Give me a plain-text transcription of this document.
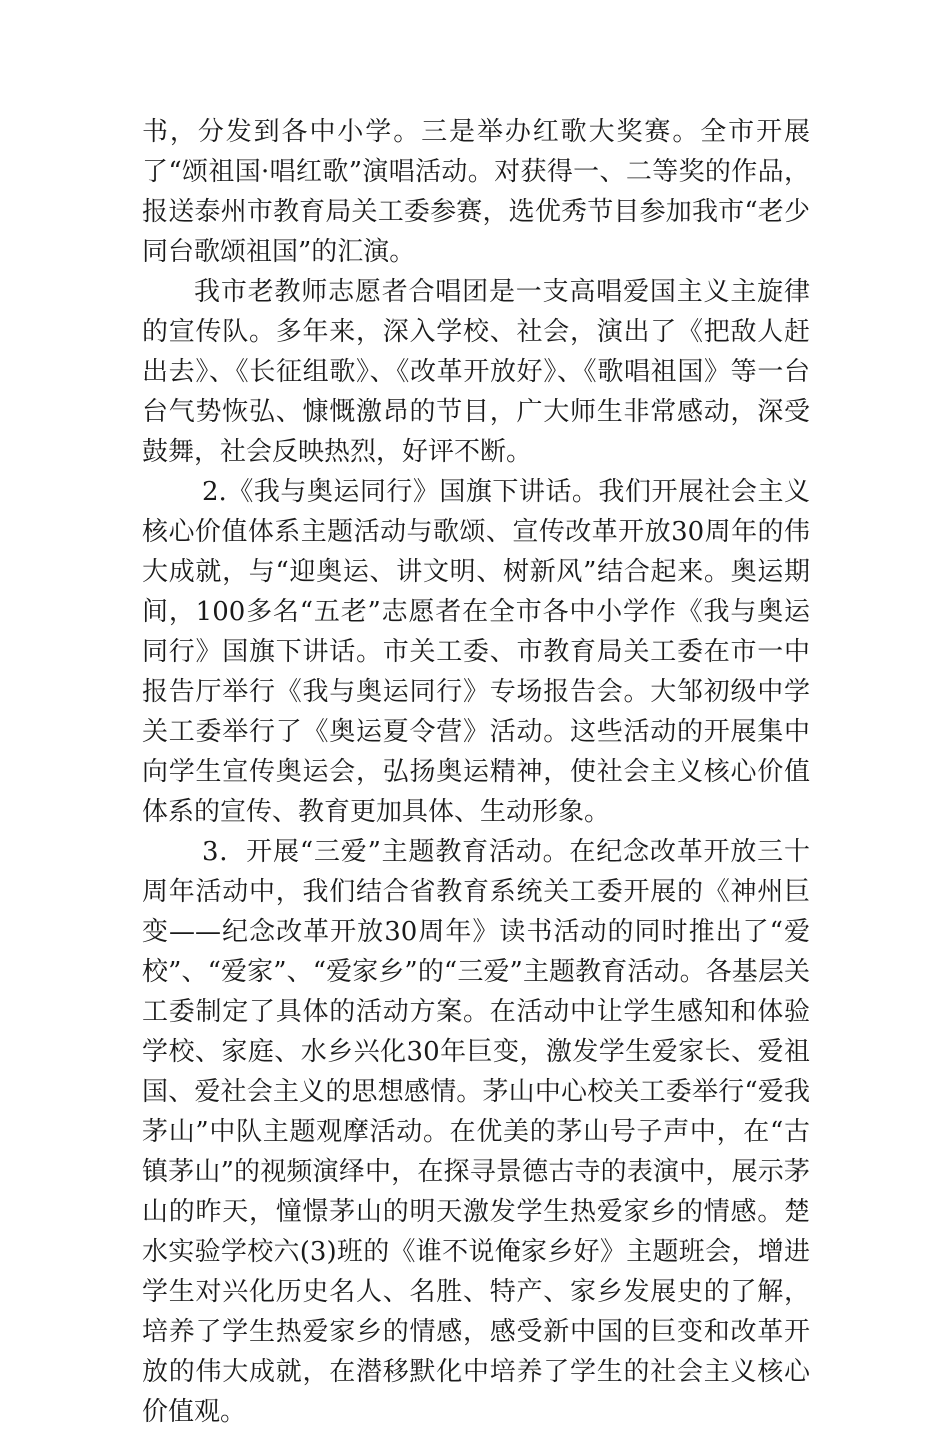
书，分发到各中小学。三是举办红歌大奖赛。全市开展了“颂祖国·唱红歌”演唱活动。对获得一、二等奖的作品，报送泰州市教育局关工委参赛，选优秀节目参加我市“老少同台歌颂祖国”的汇演。

我市老教师志愿者合唱团是一支高唱爱国主义主旋律的宣传队。多年来，深入学校、社会，演出了《把敌人赶出去》、《长征组歌》、《改革开放好》、《歌唱祖国》等一台台气势恢弘、慷慨激昂的节目，广大师生非常感动，深受鼓舞，社会反映热烈，好评不断。

2.《我与奥运同行》国旗下讲话。我们开展社会主义核心价值体系主题活动与歌颂、宣传改革开放30周年的伟大成就，与“迎奥运、讲文明、树新风”结合起来。奥运期间，100多名“五老”志愿者在全市各中小学作《我与奥运同行》国旗下讲话。市关工委、市教育局关工委在市一中报告厅举行《我与奥运同行》专场报告会。大邹初级中学关工委举行了《奥运夏令营》活动。这些活动的开展集中向学生宣传奥运会，弘扬奥运精神，使社会主义核心价值体系的宣传、教育更加具体、生动形象。

3．开展“三爱”主题教育活动。在纪念改革开放三十周年活动中，我们结合省教育系统关工委开展的《神州巨变——纪念改革开放30周年》读书活动的同时推出了“爱校”、“爱家”、“爱家乡”的“三爱”主题教育活动。各基层关工委制定了具体的活动方案。在活动中让学生感知和体验学校、家庭、水乡兴化30年巨变，激发学生爱家长、爱祖国、爱社会主义的思想感情。茅山中心校关工委举行“爱我茅山”中队主题观摩活动。在优美的茅山号子声中，在“古镇茅山”的视频演绎中，在探寻景德古寺的表演中，展示茅山的昨天，憧憬茅山的明天激发学生热爱家乡的情感。楚水实验学校六(3)班的《谁不说俺家乡好》主题班会，增进学生对兴化历史名人、名胜、特产、家乡发展史的了解，培养了学生热爱家乡的情感，感受新中国的巨变和改革开放的伟大成就，在潜移默化中培养了学生的社会主义核心价值观。
